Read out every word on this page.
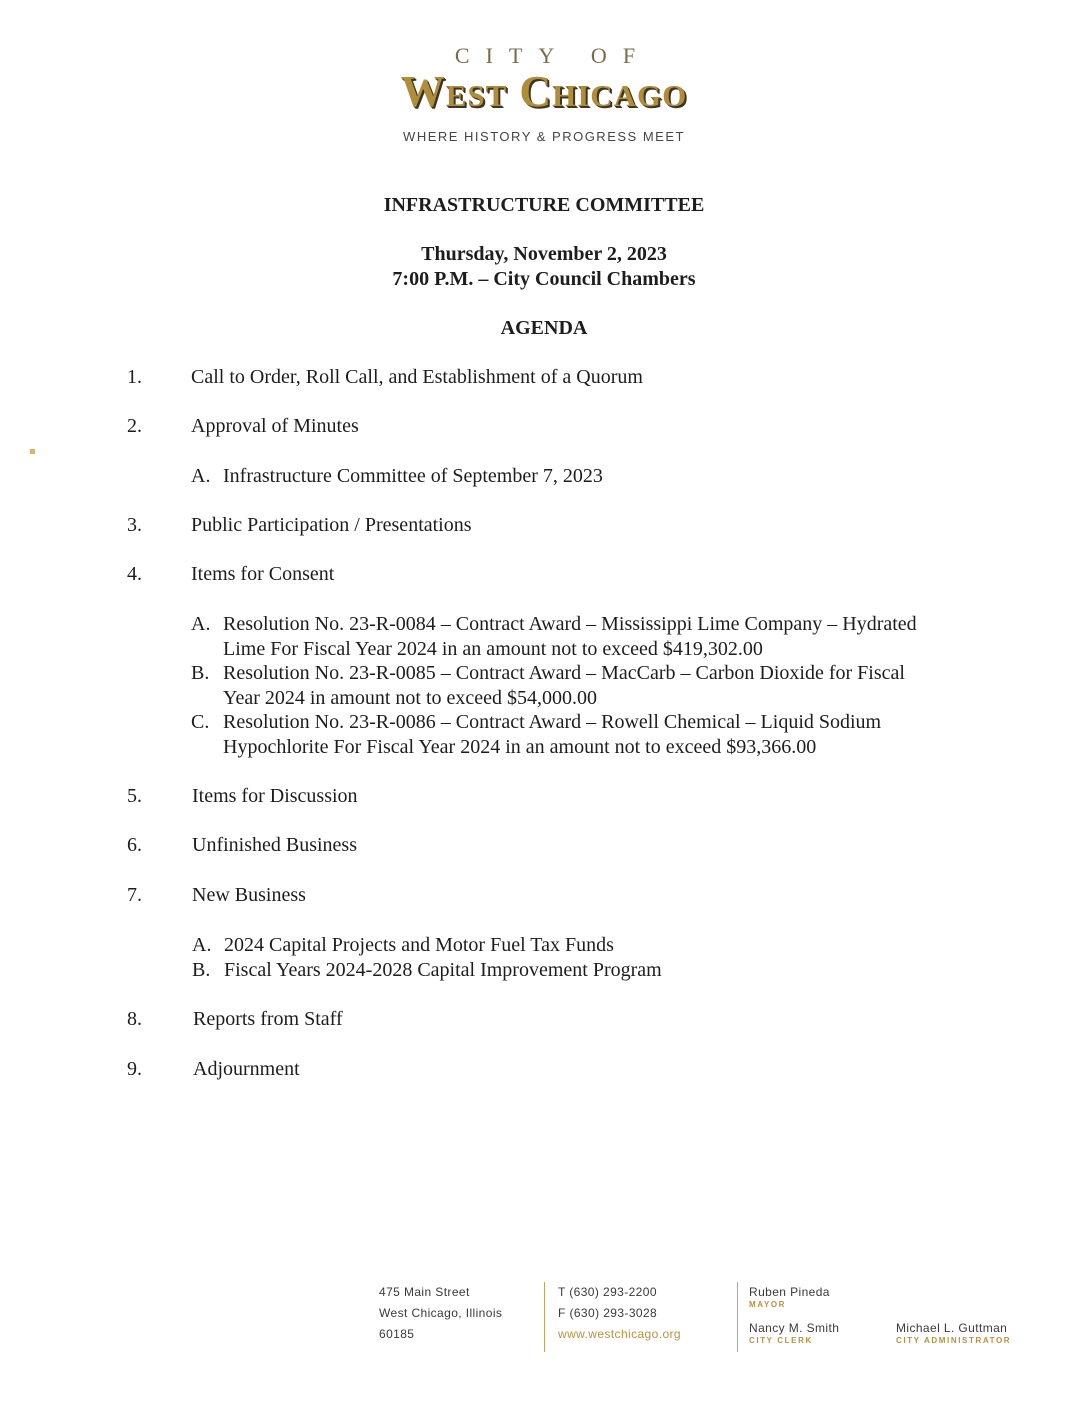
CITY OF
West Chicago
WHERE HISTORY & PROGRESS MEET
INFRASTRUCTURE COMMITTEE
Thursday, November 2, 2023
7:00 P.M. – City Council Chambers
AGENDA
1. Call to Order, Roll Call, and Establishment of a Quorum
2. Approval of Minutes
A. Infrastructure Committee of September 7, 2023
3. Public Participation / Presentations
4. Items for Consent
A. Resolution No. 23-R-0084 – Contract Award – Mississippi Lime Company – Hydrated
Lime For Fiscal Year 2024 in an amount not to exceed $419,302.00
B. Resolution No. 23-R-0085 – Contract Award – MacCarb – Carbon Dioxide for Fiscal
Year 2024 in amount not to exceed $54,000.00
C. Resolution No. 23-R-0086 – Contract Award – Rowell Chemical – Liquid Sodium
Hypochlorite For Fiscal Year 2024 in an amount not to exceed $93,366.00
5.	Items for Discussion
6.	Unfinished Business
7.	New Business
A. 2024 Capital Projects and Motor Fuel Tax Funds
B. Fiscal Years 2024-2028 Capital Improvement Program
8.	Reports from Staff
9.	Adjournment
475 Main Street
West Chicago, Illinois
60185
T (630) 293-2200
F (630) 293-3028
www.westchicago.org
Ruben Pineda
MAYOR
Nancy M. Smith
CITY CLERK
Michael L. Guttman
CITY ADMINISTRATOR
